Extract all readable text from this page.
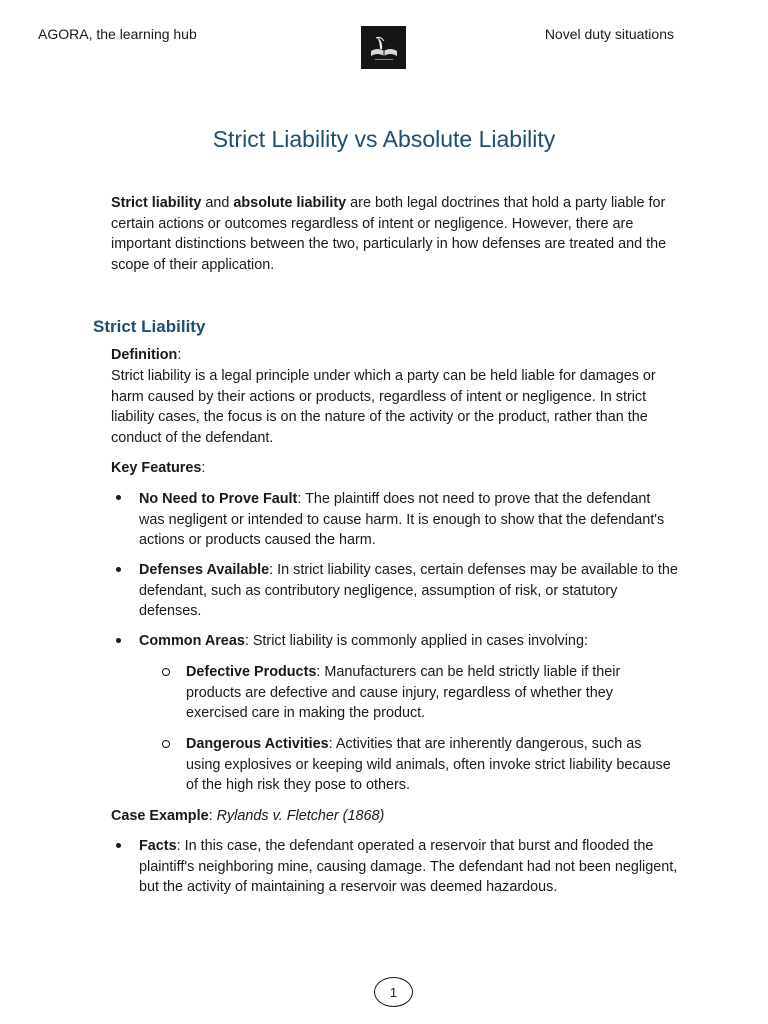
AGORA, the learning hub	Novel duty situations
Strict Liability vs Absolute Liability

Strict liability and absolute liability are both legal doctrines that hold a party liable for certain actions or outcomes regardless of intent or negligence. However, there are important distinctions between the two, particularly in how defenses are treated and the scope of their application.

Strict Liability
Definition:

Strict liability is a legal principle under which a party can be held liable for damages or harm caused by their actions or products, regardless of intent or negligence. In strict liability cases, the focus is on the nature of the activity or the product, rather than the conduct of the defendant.

Key Features:

No Need to Prove Fault: The plaintiff does not need to prove that the defendant was negligent or intended to cause harm. It is enough to show that the defendant's actions or products caused the harm.

Defenses Available: In strict liability cases, certain defenses may be available to the defendant, such as contributory negligence, assumption of risk, or statutory defenses.

Common Areas: Strict liability is commonly applied in cases involving:

Defective Products: Manufacturers can be held strictly liable if their products are defective and cause injury, regardless of whether they exercised care in making the product.

Dangerous Activities: Activities that are inherently dangerous, such as using explosives or keeping wild animals, often invoke strict liability because of the high risk they pose to others.

Case Example: Rylands v. Fletcher (1868)

Facts: In this case, the defendant operated a reservoir that burst and flooded the plaintiff's neighboring mine, causing damage. The defendant had not been negligent, but the activity of maintaining a reservoir was deemed hazardous.

1
